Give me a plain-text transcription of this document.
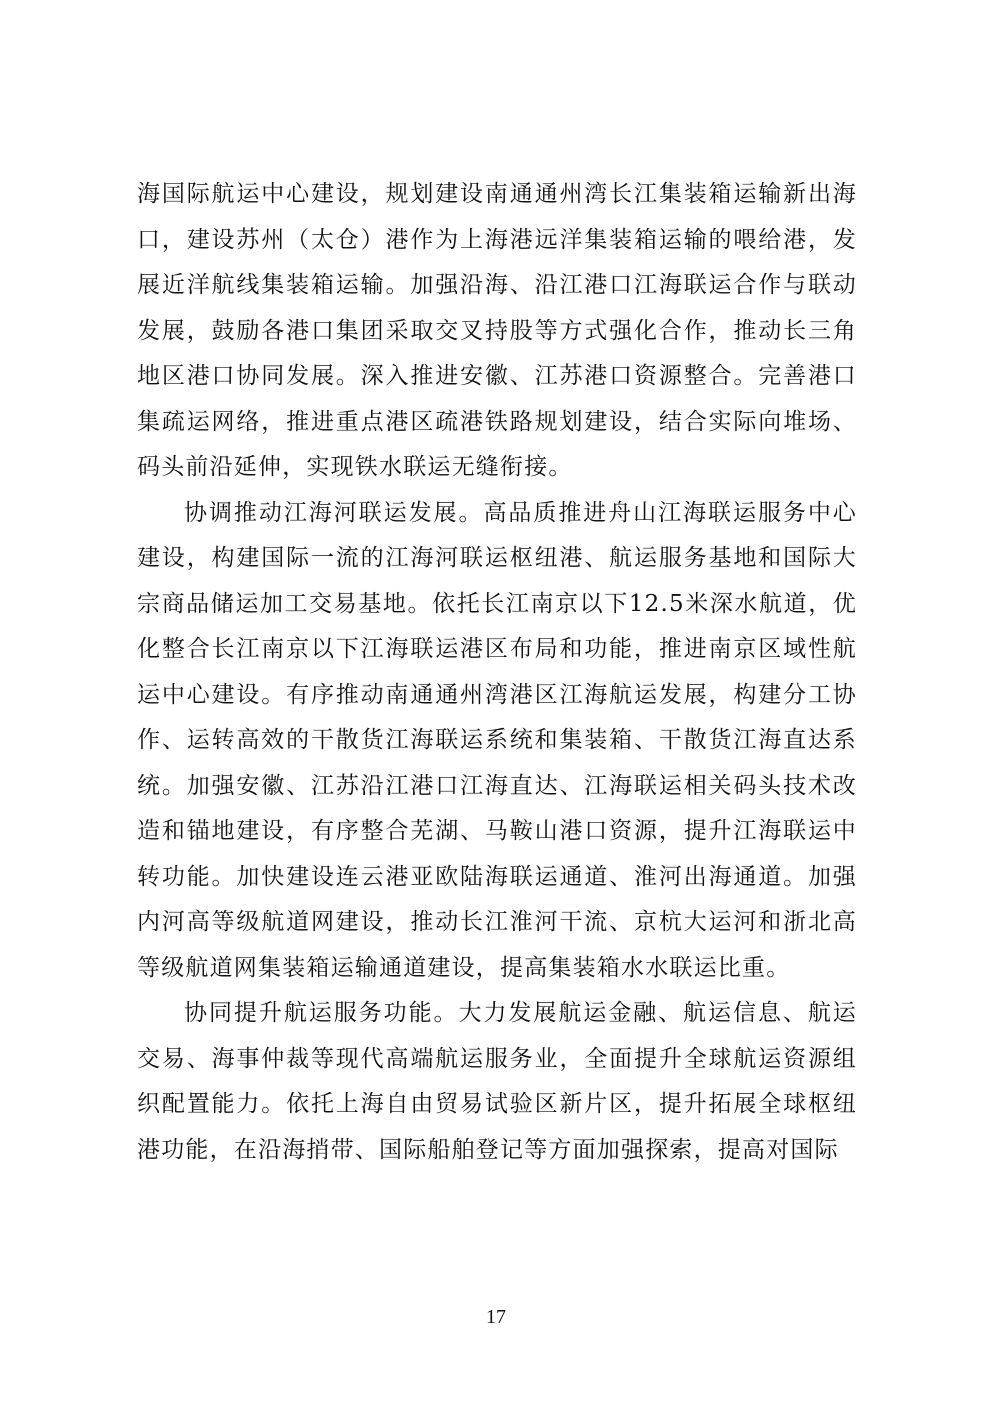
海国际航运中心建设，规划建设南通通州湾长江集装箱运输新出海口，建设苏州（太仓）港作为上海港远洋集装箱运输的喂给港，发展近洋航线集装箱运输。加强沿海、沿江港口江海联运合作与联动发展，鼓励各港口集团采取交叉持股等方式强化合作，推动长三角地区港口协同发展。深入推进安徽、江苏港口资源整合。完善港口集疏运网络，推进重点港区疏港铁路规划建设，结合实际向堆场、码头前沿延伸，实现铁水联运无缝衔接。

协调推动江海河联运发展。高品质推进舟山江海联运服务中心建设，构建国际一流的江海河联运枢纽港、航运服务基地和国际大宗商品储运加工交易基地。依托长江南京以下12.5米深水航道，优化整合长江南京以下江海联运港区布局和功能，推进南京区域性航运中心建设。有序推动南通通州湾港区江海航运发展，构建分工协作、运转高效的干散货江海联运系统和集装箱、干散货江海直达系统。加强安徽、江苏沿江港口江海直达、江海联运相关码头技术改造和锚地建设，有序整合芜湖、马鞍山港口资源，提升江海联运中转功能。加快建设连云港亚欧陆海联运通道、淮河出海通道。加强内河高等级航道网建设，推动长江淮河干流、京杭大运河和浙北高等级航道网集装箱运输通道建设，提高集装箱水水联运比重。

协同提升航运服务功能。大力发展航运金融、航运信息、航运交易、海事仲裁等现代高端航运服务业，全面提升全球航运资源组织配置能力。依托上海自由贸易试验区新片区，提升拓展全球枢纽港功能，在沿海捎带、国际船舶登记等方面加强探索，提高对国际

17
